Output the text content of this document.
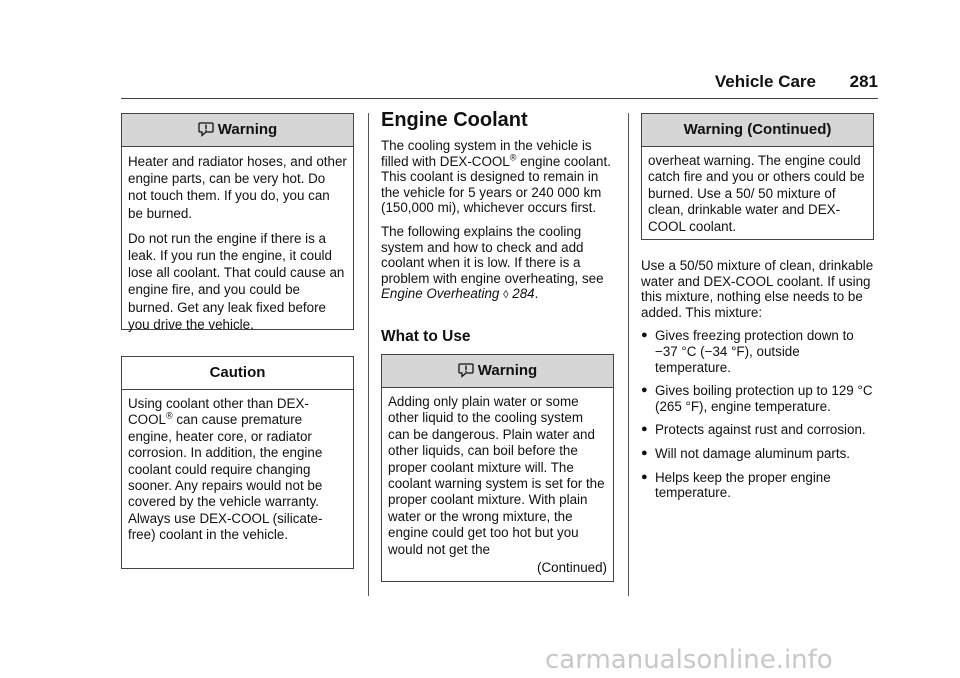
Vehicle Care 281
Warning

Heater and radiator hoses, and other engine parts, can be very hot. Do not touch them. If you do, you can be burned.

Do not run the engine if there is a leak. If you run the engine, it could lose all coolant. That could cause an engine fire, and you could be burned. Get any leak fixed before you drive the vehicle.

Caution

Using coolant other than DEX-COOL® can cause premature engine, heater core, or radiator corrosion. In addition, the engine coolant could require changing sooner. Any repairs would not be covered by the vehicle warranty. Always use DEX-COOL (silicate-free) coolant in the vehicle.

Engine Coolant

The cooling system in the vehicle is filled with DEX-COOL® engine coolant. This coolant is designed to remain in the vehicle for 5 years or 240 000 km (150,000 mi), whichever occurs first.

The following explains the cooling system and how to check and add coolant when it is low. If there is a problem with engine overheating, see Engine Overheating ◊ 284.

What to Use
Warning
Adding only plain water or some other liquid to the cooling system can be dangerous. Plain water and other liquids, can boil before the proper coolant mixture will. The coolant warning system is set for the proper coolant mixture. With plain water or the wrong mixture, the engine could get too hot but you would not get the
(Continued)
Warning (Continued)
overheat warning. The engine could catch fire and you or others could be burned. Use a 50/ 50 mixture of clean, drinkable water and DEX-COOL coolant.

Use a 50/50 mixture of clean, drinkable water and DEX-COOL coolant. If using this mixture, nothing else needs to be added. This mixture:

● Gives freezing protection down to −37 °C (−34 °F), outside temperature.
● Gives boiling protection up to 129 °C (265 °F), engine temperature.
● Protects against rust and corrosion.
● Will not damage aluminum parts.
● Helps keep the proper engine temperature.
carmanualsonline.info
